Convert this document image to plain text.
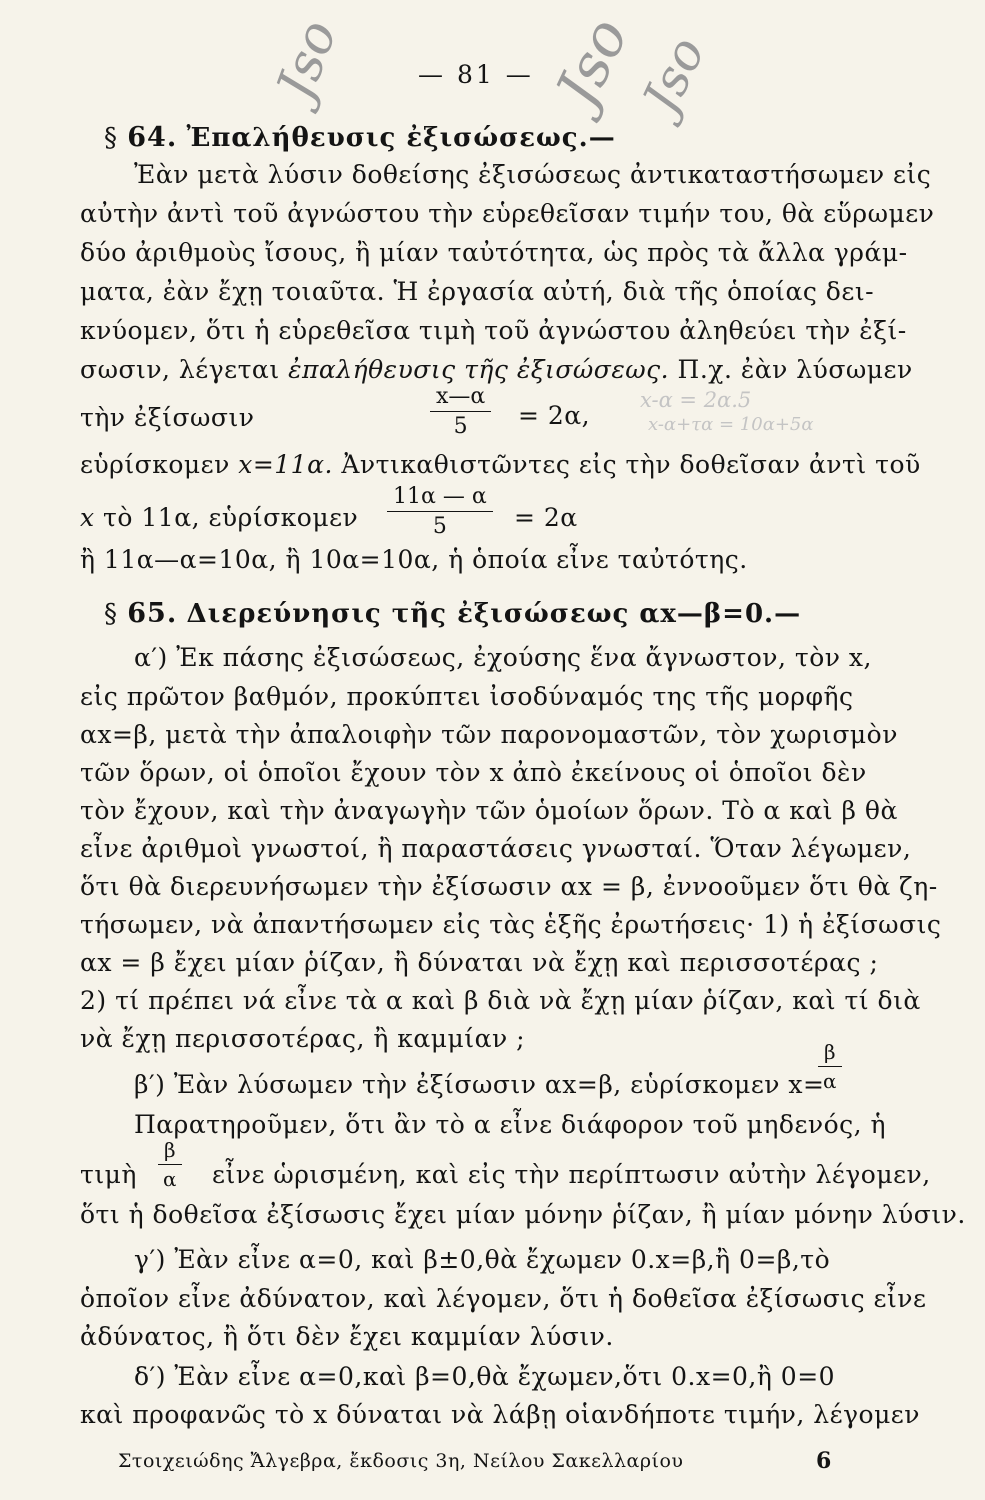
Jso	Jso
Jso
— 81 —
§ 64. Ἐπαλήθευσις ἐξισώσεως.—
Ἐὰν μετὰ λύσιν δοθείσης ἐξισώσεως ἀντικαταστήσωμεν εἰς
αὐτὴν ἀντὶ τοῦ ἀγνώστου τὴν εὑρεθεῖσαν τιμήν του, θὰ εὕρωμεν
δύο ἀριθμοὺς ἴσους, ἢ μίαν ταὐτότητα, ὡς πρὸς τὰ ἄλλα γράμ-
ματα, ἐὰν ἔχῃ τοιαῦτα. Ἡ ἐργασία αὐτή, διὰ τῆς ὁποίας δει-
κνύομεν, ὅτι ἡ εὑρεθεῖσα τιμὴ τοῦ ἀγνώστου ἀληθεύει τὴν ἐξί-
σωσιν, λέγεται ἐπαλήθευσις τῆς ἐξισώσεως. Π.χ. ἐὰν λύσωμεν
τὴν ἐξίσωσιν	$\frac{x—\alpha}{5} = 2\alpha$,
x-α = 2α.5
x-α+τα = 10α+5α
εὑρίσκομεν x=11α. Ἀντικαθιστῶντες εἰς τὴν δοθεῖσαν ἀντὶ τοῦ
x τὸ 11α, εὑρίσκομεν $\frac{11\alpha — \alpha}{5} = 2\alpha$
ἢ 11α—α=10α, ἢ 10α=10α, ἡ ὁποία εἶνε ταὐτότης.
§ 65. Διερεύνησις τῆς ἐξισώσεως αx—β=0.—
α′) Ἐκ πάσης ἐξισώσεως, ἐχούσης ἕνα ἄγνωστον, τὸν x,
εἰς πρῶτον βαθμόν, προκύπτει ἰσοδύναμός της τῆς μορφῆς
αx=β, μετὰ τὴν ἀπαλοιφὴν τῶν παρονομαστῶν, τὸν χωρισμὸν
τῶν ὅρων, οἱ ὁποῖοι ἔχουν τὸν x ἀπὸ ἐκείνους οἱ ὁποῖοι δὲν
τὸν ἔχουν, καὶ τὴν ἀναγωγὴν τῶν ὁμοίων ὅρων. Τὸ α καὶ β θὰ
εἶνε ἀριθμοὶ γνωστοί, ἢ παραστάσεις γνωσταί. Ὅταν λέγωμεν,
ὅτι θὰ διερευνήσωμεν τὴν ἐξίσωσιν αx = β, ἐννοοῦμεν ὅτι θὰ ζη-
τήσωμεν, νὰ ἀπαντήσωμεν εἰς τὰς ἑξῆς ἐρωτήσεις· 1) ἡ ἐξίσωσις
αx = β ἔχει μίαν ῥίζαν, ἢ δύναται νὰ ἔχῃ καὶ περισσοτέρας ;
2) τί πρέπει νά εἶνε τὰ α καὶ β διὰ νὰ ἔχῃ μίαν ῥίζαν, καὶ τί διὰ
νὰ ἔχῃ περισσοτέρας, ἢ καμμίαν ;
β′) Ἐὰν λύσωμεν τὴν ἐξίσωσιν αx=β, εὑρίσκομεν x=
$\frac{\beta}{\alpha}$
Παρατηροῦμεν, ὅτι ἂν τὸ α εἶνε διάφορον τοῦ μηδενός, ἡ
τιμὴ $\frac{\beta}{\alpha}$ εἶνε ὡρισμένη, καὶ εἰς τὴν περίπτωσιν αὐτὴν λέγομεν,
ὅτι ἡ δοθεῖσα ἐξίσωσις ἔχει μίαν μόνην ῥίζαν, ἢ μίαν μόνην λύσιν.
γ′) Ἐὰν εἶνε α=0, καὶ β±0,θὰ ἔχωμεν 0.x=β,ἢ 0=β,τὸ
ὁποῖον εἶνε ἀδύνατον, καὶ λέγομεν, ὅτι ἡ δοθεῖσα ἐξίσωσις εἶνε
ἀδύνατος, ἢ ὅτι δὲν ἔχει καμμίαν λύσιν.
δ′) Ἐὰν εἶνε α=0,καὶ β=0,θὰ ἔχωμεν,ὅτι 0.x=0,ἢ 0=0
καὶ προφανῶς τὸ x δύναται νὰ λάβῃ οἱανδήποτε τιμήν, λέγομεν
Στοιχειώδης Ἄλγεβρα, ἔκδοσις 3η, Νείλου Σακελλαρίου	6
